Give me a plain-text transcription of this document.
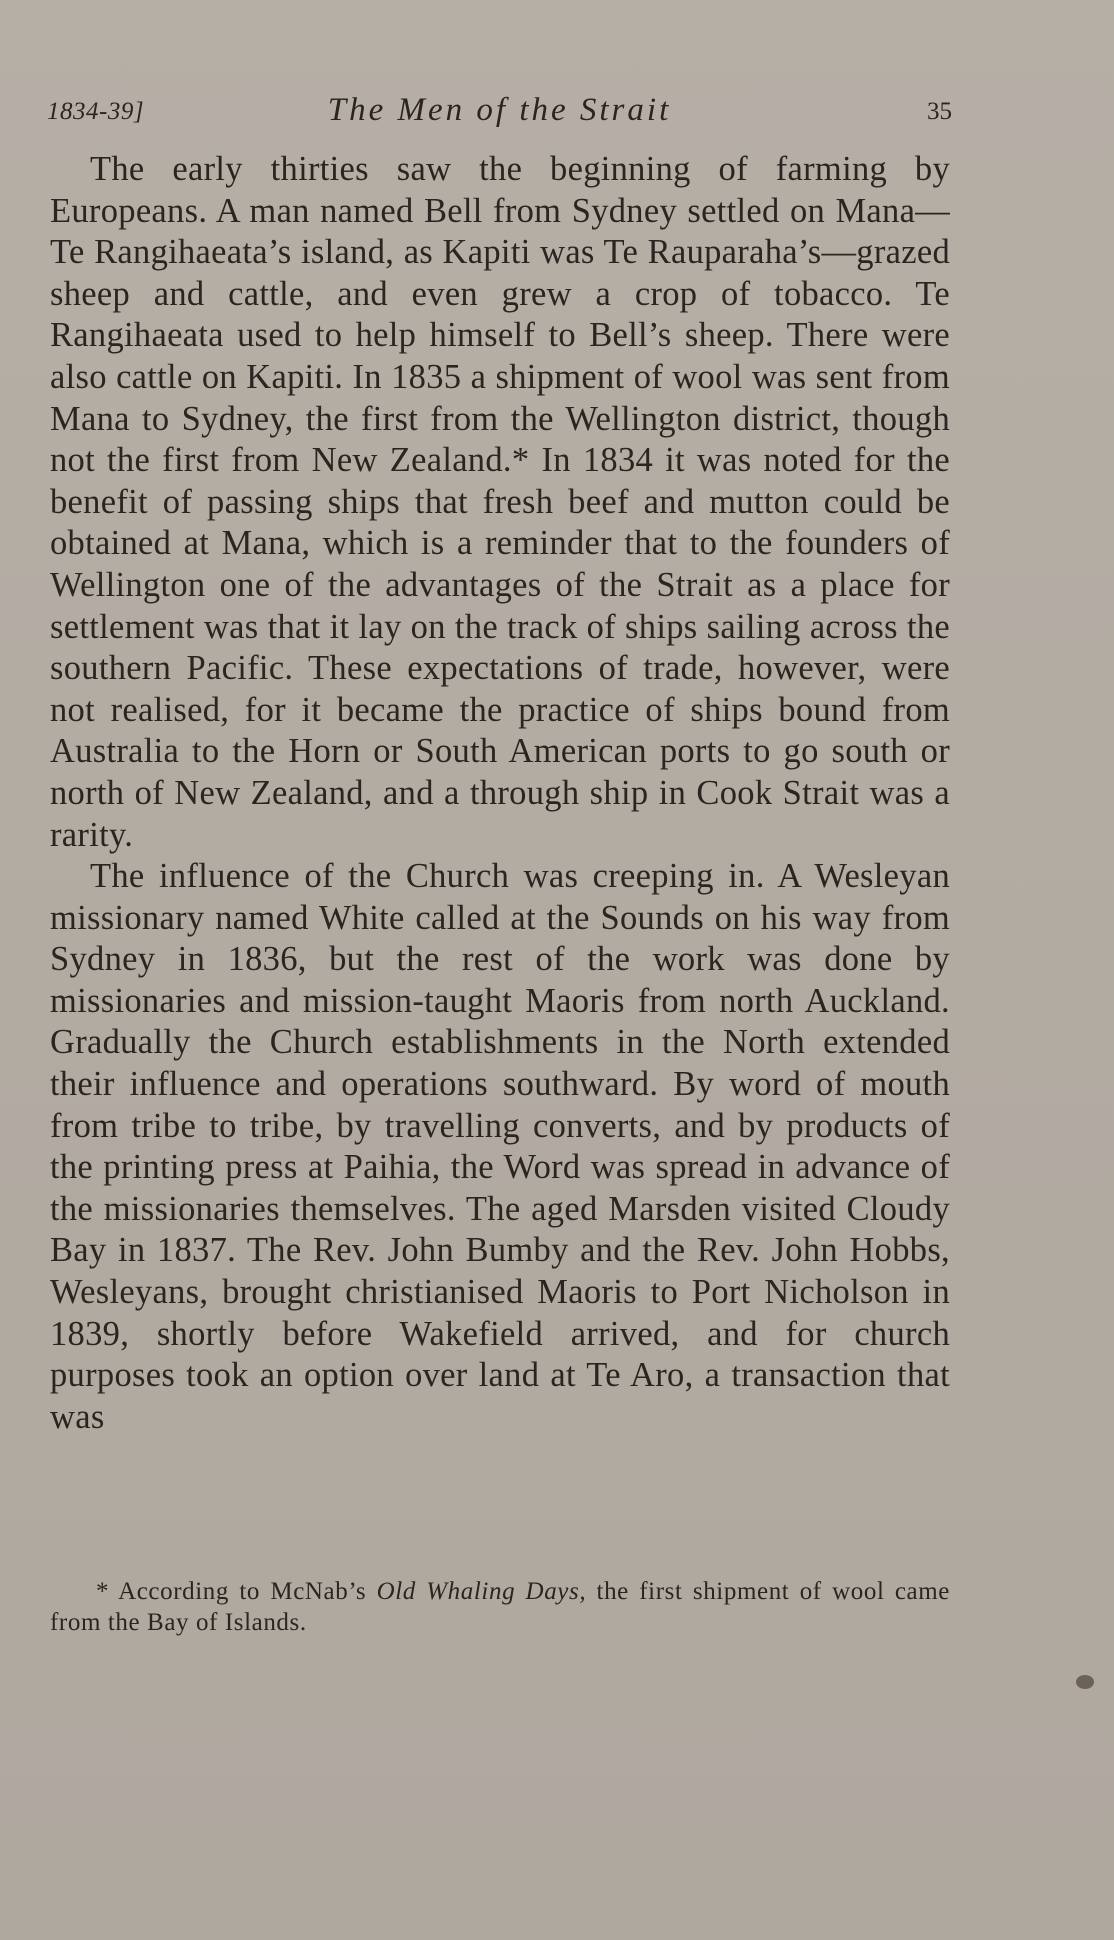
1834-39]	The Men of the Strait	35

The early thirties saw the beginning of farming by Europeans. A man named Bell from Sydney settled on Mana—Te Rangihaeata’s island, as Kapiti was Te Rauparaha’s—grazed sheep and cattle, and even grew a crop of tobacco. Te Rangihaeata used to help himself to Bell’s sheep. There were also cattle on Kapiti. In 1835 a shipment of wool was sent from Mana to Sydney, the first from the Wellington district, though not the first from New Zealand.* In 1834 it was noted for the benefit of passing ships that fresh beef and mutton could be obtained at Mana, which is a reminder that to the founders of Wellington one of the advantages of the Strait as a place for settlement was that it lay on the track of ships sailing across the southern Pacific. These expectations of trade, however, were not realised, for it became the practice of ships bound from Australia to the Horn or South American ports to go south or north of New Zealand, and a through ship in Cook Strait was a rarity.

The influence of the Church was creeping in. A Wesleyan missionary named White called at the Sounds on his way from Sydney in 1836, but the rest of the work was done by missionaries and mission-taught Maoris from north Auckland. Gradually the Church establishments in the North extended their influence and operations southward. By word of mouth from tribe to tribe, by travelling converts, and by products of the printing press at Paihia, the Word was spread in advance of the missionaries themselves. The aged Marsden visited Cloudy Bay in 1837. The Rev. John Bumby and the Rev. John Hobbs, Wesleyans, brought christianised Maoris to Port Nicholson in 1839, shortly before Wakefield arrived, and for church purposes took an option over land at Te Aro, a transaction that was

* According to McNab’s Old Whaling Days, the first shipment of wool came from the Bay of Islands.
